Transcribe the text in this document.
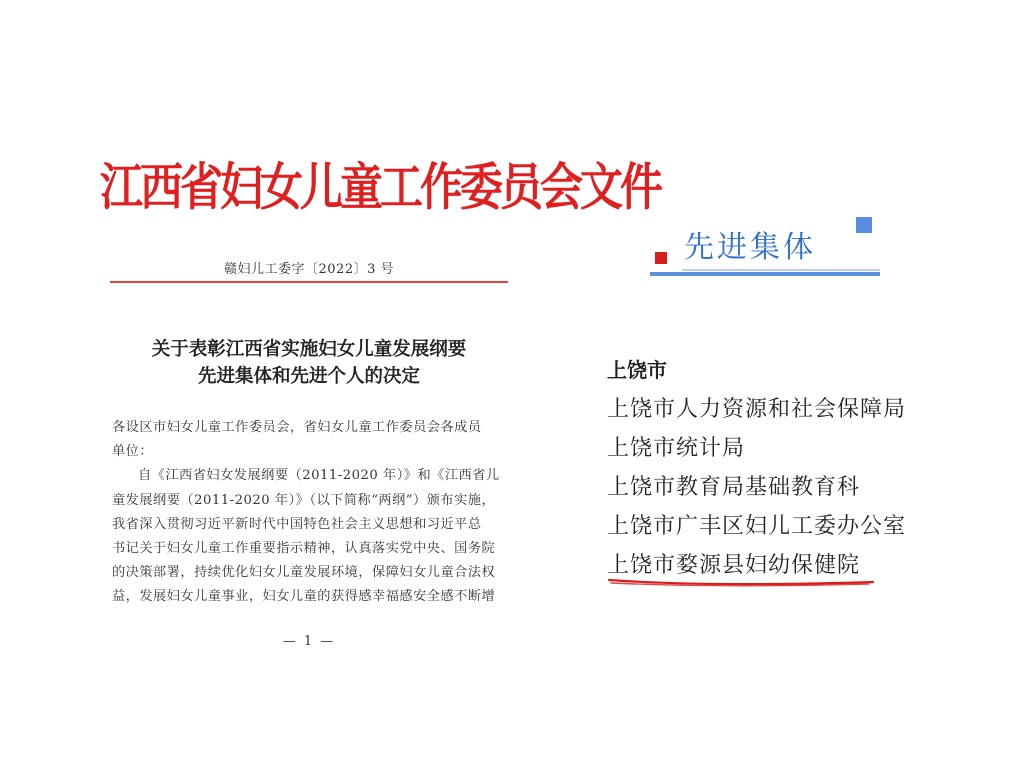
江西省妇女儿童工作委员会文件
赣妇儿工委字〔2022〕3 号
关于表彰江西省实施妇女儿童发展纲要
先进集体和先进个人的决定

各设区市妇女儿童工作委员会，省妇女儿童工作委员会各成员

单位：

自《江西省妇女发展纲要（2011-2020 年）》和《江西省儿

童发展纲要（2011-2020 年）》（以下简称“两纲”）颁布实施，

我省深入贯彻习近平新时代中国特色社会主义思想和习近平总

书记关于妇女儿童工作重要指示精神，认真落实党中央、国务院

的决策部署，持续优化妇女儿童发展环境，保障妇女儿童合法权

益，发展妇女儿童事业，妇女儿童的获得感幸福感安全感不断增

— 1 —
先进集体
上饶市
上饶市人力资源和社会保障局
上饶市统计局
上饶市教育局基础教育科
上饶市广丰区妇儿工委办公室
上饶市婺源县妇幼保健院
